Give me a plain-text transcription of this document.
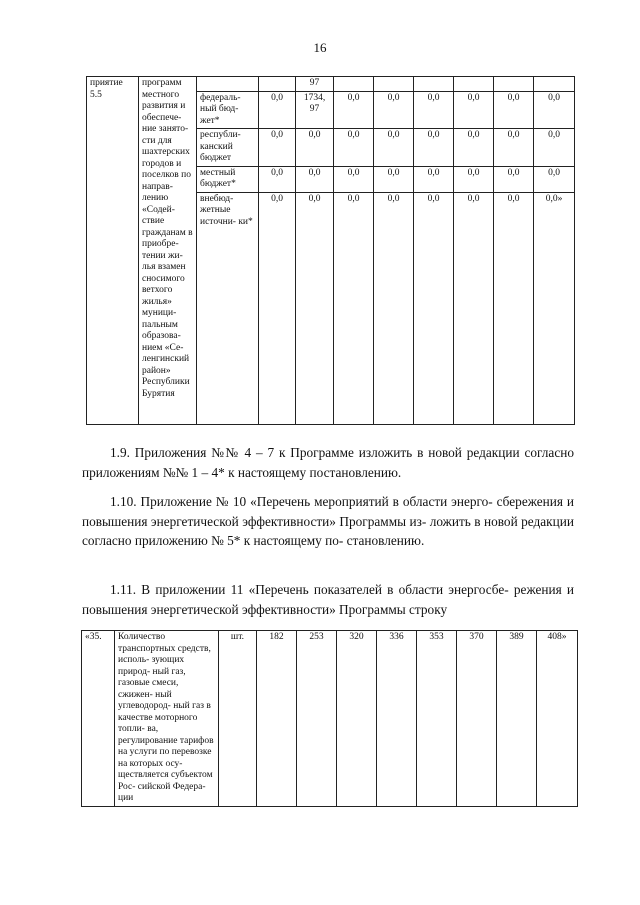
16
приятие 5.5	программ местного развития и обеспече- ние занято- сти для шахтерских городов и поселков по направ- лению «Содей- ствие гражданам в приобре- тении жи- лья взамен сносимого ветхого жилья» муници- пальным образова- нием «Се- ленгинский район» Республики Бурятия			97						
		федераль- ный бюд- жет*	0,0	1734, 97	0,0	0,0	0,0	0,0	0,0	0,0
		республи- канский бюджет	0,0	0,0	0,0	0,0	0,0	0,0	0,0	0,0
		местный бюджет*	0,0	0,0	0,0	0,0	0,0	0,0	0,0	0,0
		внебюд- жетные источни- ки*	0,0	0,0	0,0	0,0	0,0	0,0	0,0	0,0»
1.9. Приложения №№ 4 – 7 к Программе изложить в новой редакции согласно приложениям №№ 1 – 4* к настоящему постановлению.
1.10. Приложение № 10 «Перечень мероприятий в области энерго- сбережения и повышения энергетической эффективности» Программы из- ложить в новой редакции согласно приложению № 5* к настоящему по- становлению.
1.11. В приложении 11 «Перечень показателей в области энергосбе- режения и повышения энергетической эффективности» Программы строку
«35.	Количество транспортных средств, исполь- зующих природ- ный газ, газовые смеси, сжижен- ный углеводород- ный газ в качестве моторного топли- ва, регулирование тарифов на услуги по перевозке на которых осу- ществляется субъектом Рос- сийской Федера- ции	шт.	182	253	320	336	353	370	389	408»
